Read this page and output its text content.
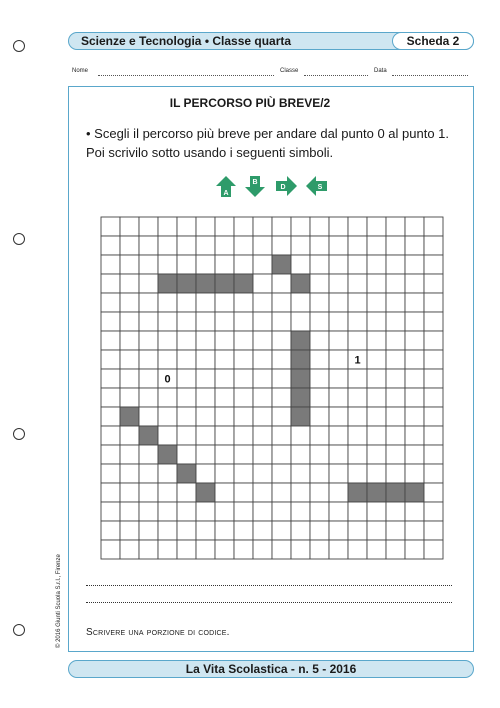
Scienze e Tecnologia • Classe quarta	Scheda 2
Nome	Classe	Data
IL PERCORSO PIÙ BREVE/2
• Scegli il percorso più breve per andare dal punto 0 al punto 1. Poi scrivilo sotto usando i seguenti simboli.
A
B
D	S
0
1
Scrivere una porzione di codice.
© 2016 Giunti Scuola S.r.l., Firenze
La Vita Scolastica - n. 5 - 2016
